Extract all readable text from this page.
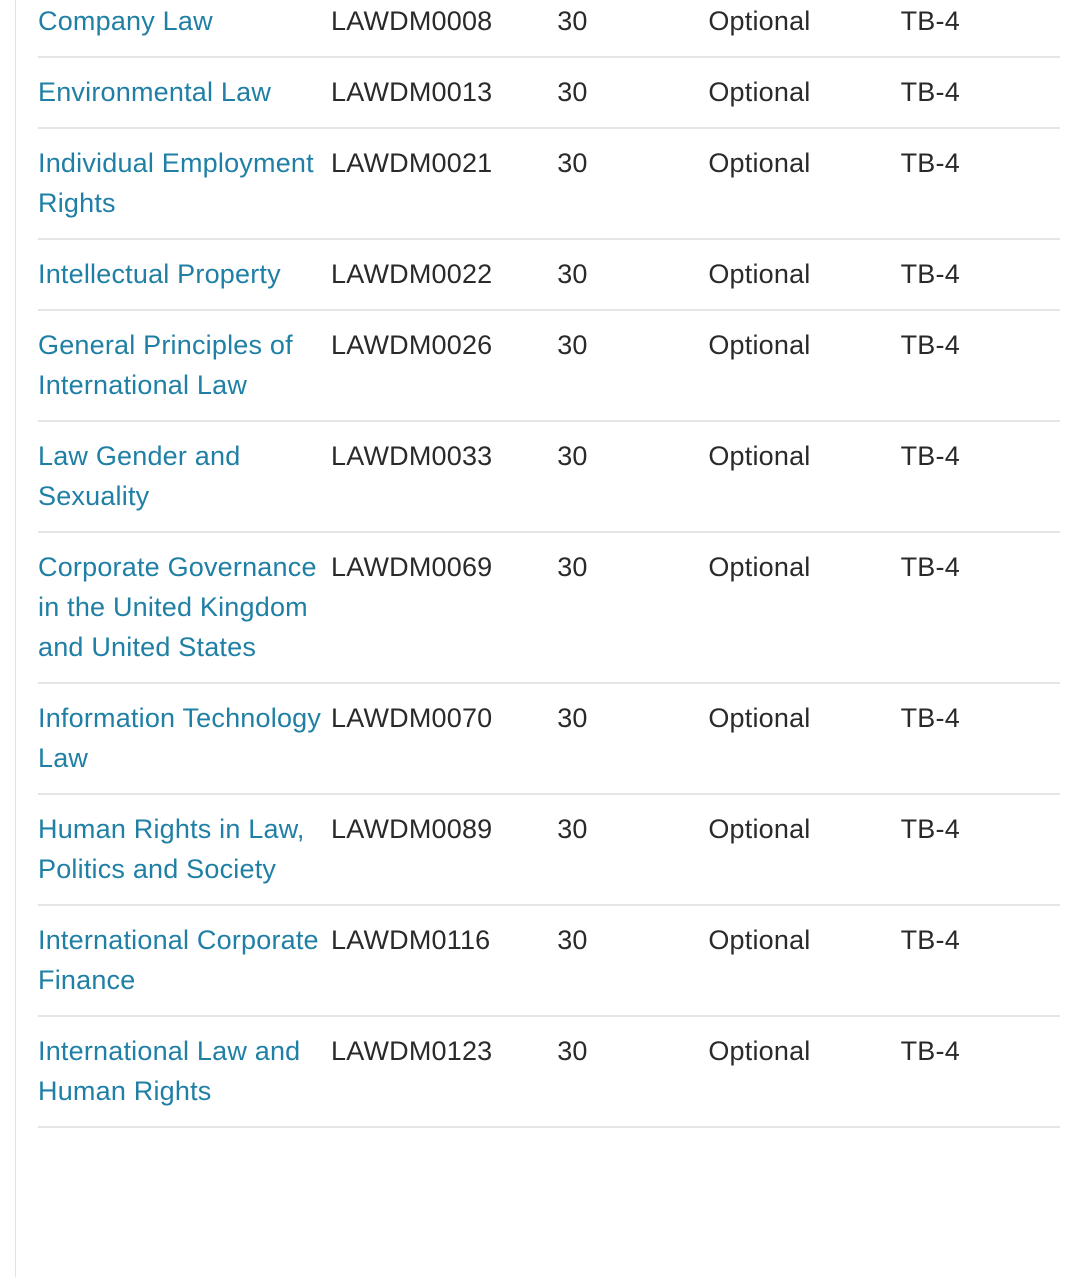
Company Law	LAWDM0008	30	Optional	TB-4

Environmental Law	LAWDM0013	30	Optional	TB-4

Individual Employment Rights	LAWDM0021	30	Optional	TB-4

Intellectual Property	LAWDM0022	30	Optional	TB-4

General Principles of International Law	LAWDM0026	30	Optional	TB-4

Law Gender and Sexuality	LAWDM0033	30	Optional	TB-4

Corporate Governance in the United Kingdom and United States	LAWDM0069	30	Optional	TB-4

Information Technology Law	LAWDM0070	30	Optional	TB-4

Human Rights in Law, Politics and Society	LAWDM0089	30	Optional	TB-4

International Corporate Finance	LAWDM0116	30	Optional	TB-4

International Law and Human Rights	LAWDM0123	30	Optional	TB-4
